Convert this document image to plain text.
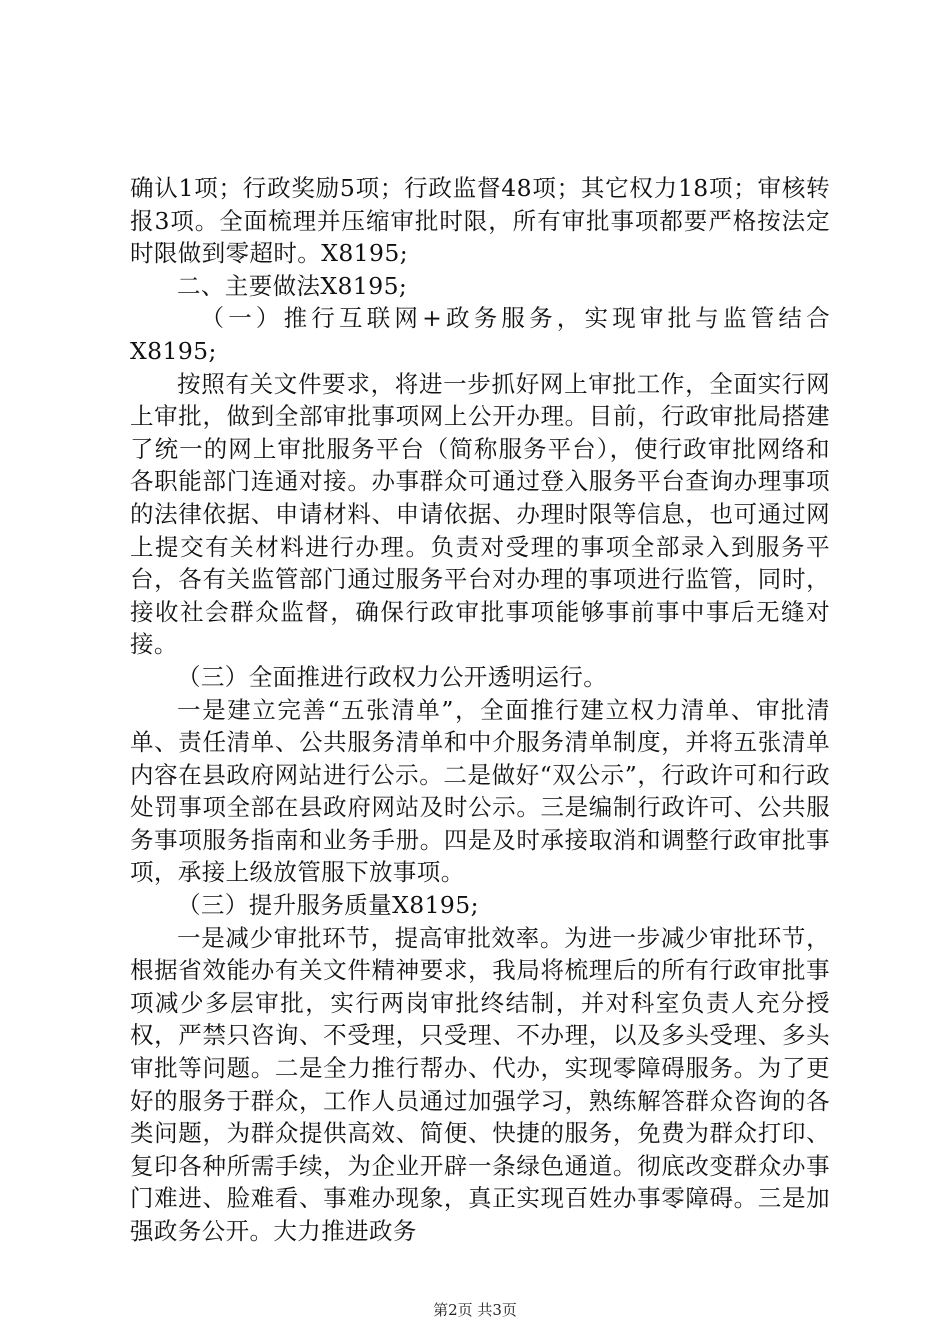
确认1项；行政奖励5项；行政监督48项；其它权力18项；审核转报3项。全面梳理并压缩审批时限，所有审批事项都要严格按法定时限做到零超时。X8195;

二、主要做法X8195;

（一）推行互联网+政务服务，实现审批与监管结合X8195;

按照有关文件要求，将进一步抓好网上审批工作，全面实行网上审批，做到全部审批事项网上公开办理。目前，行政审批局搭建了统一的网上审批服务平台（简称服务平台），使行政审批网络和各职能部门连通对接。办事群众可通过登入服务平台查询办理事项的法律依据、申请材料、申请依据、办理时限等信息，也可通过网上提交有关材料进行办理。负责对受理的事项全部录入到服务平台，各有关监管部门通过服务平台对办理的事项进行监管，同时，接收社会群众监督，确保行政审批事项能够事前事中事后无缝对接。

（三）全面推进行政权力公开透明运行。

一是建立完善“五张清单”，全面推行建立权力清单、审批清单、责任清单、公共服务清单和中介服务清单制度，并将五张清单内容在县政府网站进行公示。二是做好“双公示”，行政许可和行政处罚事项全部在县政府网站及时公示。三是编制行政许可、公共服务事项服务指南和业务手册。四是及时承接取消和调整行政审批事项，承接上级放管服下放事项。

（三）提升服务质量X8195;

一是减少审批环节，提高审批效率。为进一步减少审批环节，根据省效能办有关文件精神要求，我局将梳理后的所有行政审批事项减少多层审批，实行两岗审批终结制，并对科室负责人充分授权，严禁只咨询、不受理，只受理、不办理，以及多头受理、多头审批等问题。二是全力推行帮办、代办，实现零障碍服务。为了更好的服务于群众，工作人员通过加强学习，熟练解答群众咨询的各类问题，为群众提供高效、简便、快捷的服务，免费为群众打印、复印各种所需手续，为企业开辟一条绿色通道。彻底改变群众办事门难进、脸难看、事难办现象，真正实现百姓办事零障碍。三是加强政务公开。大力推进政务

第2页 共3页
